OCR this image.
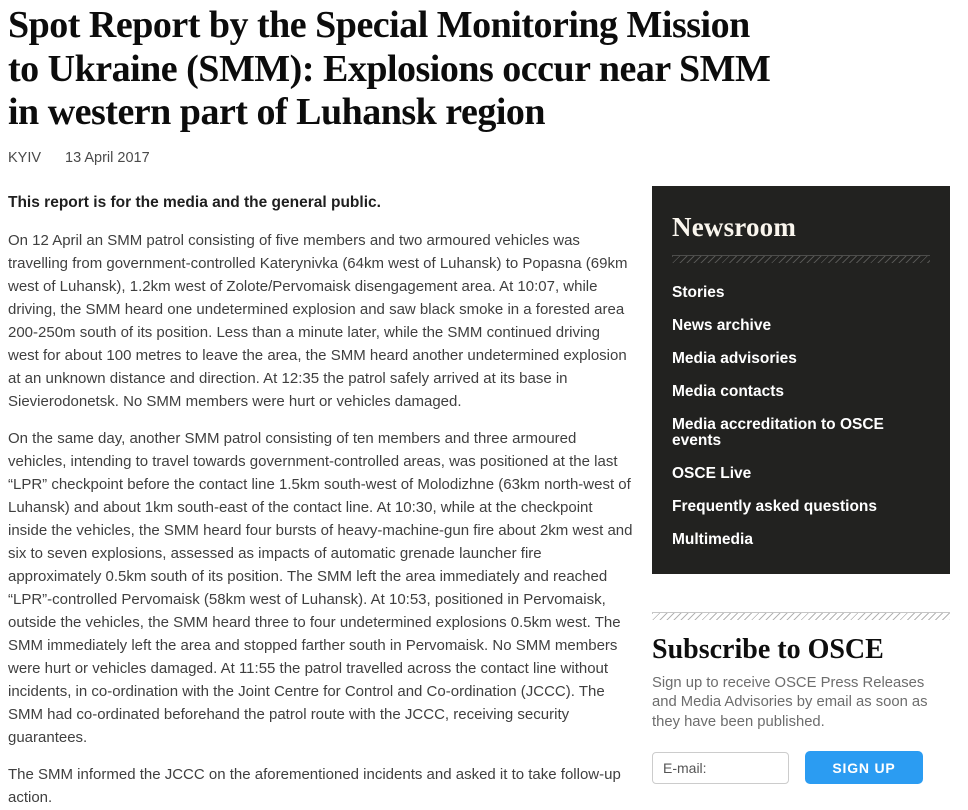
Spot Report by the Special Monitoring Mission
to Ukraine (SMM): Explosions occur near SMM
in western part of Luhansk region
KYIV	13 April 2017

This report is for the media and the general public.

On 12 April an SMM patrol consisting of five members and two armoured vehicles was travelling from government-controlled Katerynivka (64km west of Luhansk) to Popasna (69km west of Luhansk), 1.2km west of Zolote/Pervomaisk disengagement area. At 10:07, while driving, the SMM heard one undetermined explosion and saw black smoke in a forested area 200-250m south of its position. Less than a minute later, while the SMM continued driving west for about 100 metres to leave the area, the SMM heard another undetermined explosion at an unknown distance and direction. At 12:35 the patrol safely arrived at its base in Sievierodonetsk. No SMM members were hurt or vehicles damaged.

On the same day, another SMM patrol consisting of ten members and three armoured vehicles, intending to travel towards government-controlled areas, was positioned at the last “LPR” checkpoint before the contact line 1.5km south-west of Molodizhne (63km north-west of Luhansk) and about 1km south-east of the contact line. At 10:30, while at the checkpoint inside the vehicles, the SMM heard four bursts of heavy-machine-gun fire about 2km west and six to seven explosions, assessed as impacts of automatic grenade launcher fire approximately 0.5km south of its position. The SMM left the area immediately and reached “LPR”-controlled Pervomaisk (58km west of Luhansk). At 10:53, positioned in Pervomaisk, outside the vehicles, the SMM heard three to four undetermined explosions 0.5km west. The SMM immediately left the area and stopped farther south in Pervomaisk. No SMM members were hurt or vehicles damaged. At 11:55 the patrol travelled across the contact line without incidents, in co-ordination with the Joint Centre for Control and Co-ordination (JCCC). The SMM had co-ordinated beforehand the patrol route with the JCCC, receiving security guarantees.

The SMM informed the JCCC on the aforementioned incidents and asked it to take follow-up action.

Newsroom
Stories
News archive
Media advisories
Media contacts
Media accreditation to OSCE events
OSCE Live
Frequently asked questions
Multimedia
Subscribe to OSCE

Sign up to receive OSCE Press Releases and Media Advisories by email as soon as they have been published.

E-mail:
SIGN UP
